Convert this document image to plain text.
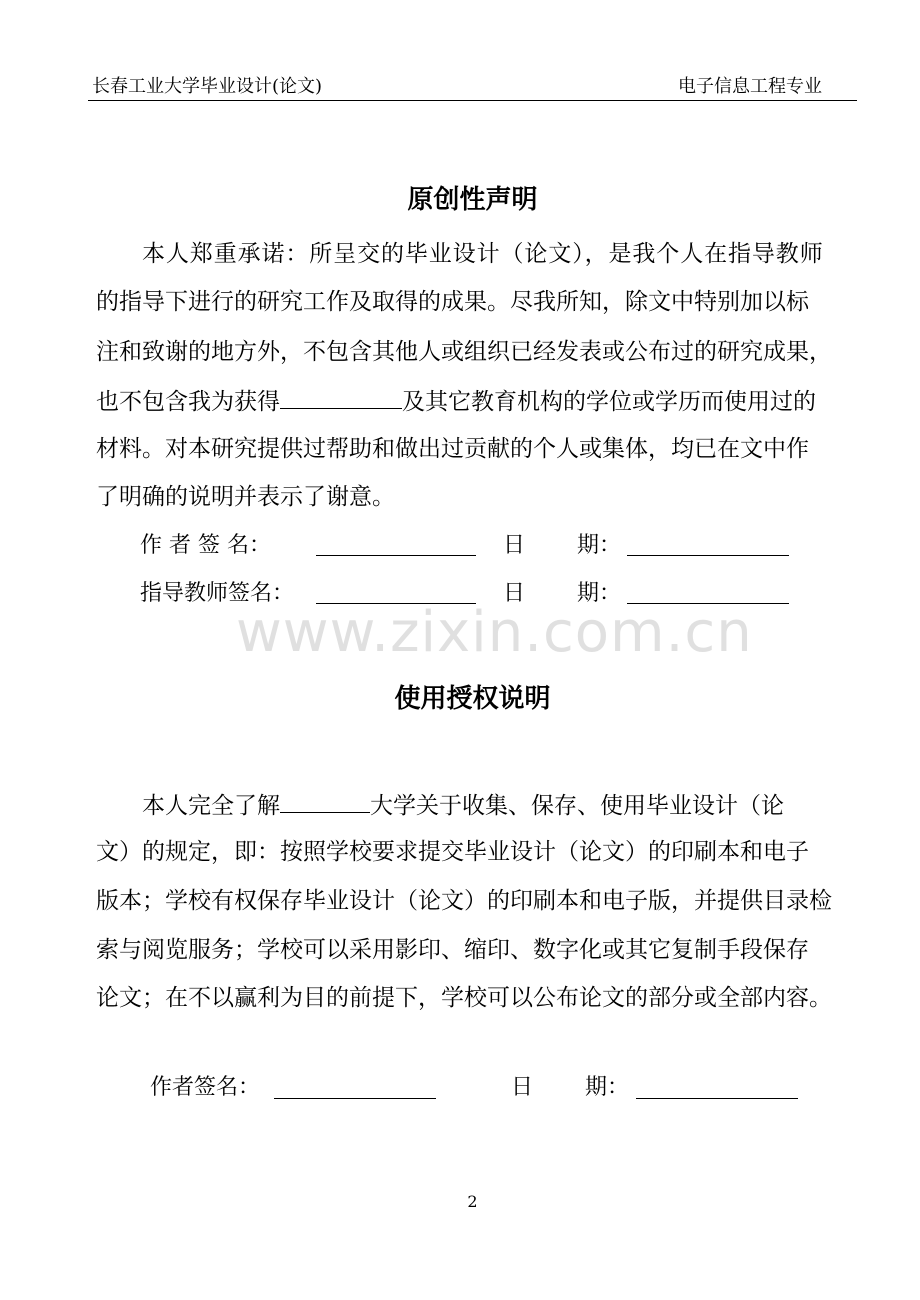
长春工业大学毕业设计(论文)	电子信息工程专业
原创性声明
本人郑重承诺：所呈交的毕业设计（论文），是我个人在指导教师
的指导下进行的研究工作及取得的成果。尽我所知，除文中特别加以标
注和致谢的地方外，不包含其他人或组织已经发表或公布过的研究成果，
也不包含我为获得	及其它教育机构的学位或学历而使用过的
材料。对本研究提供过帮助和做出过贡献的个人或集体，均已在文中作
了明确的说明并表示了谢意。
作 者 签 名：	日 期：
指导教师签名：	日 期：
www.zixin.com.cn
使用授权说明
本人完全了解	大学关于收集、保存、使用毕业设计（论
文）的规定，即：按照学校要求提交毕业设计（论文）的印刷本和电子
版本；学校有权保存毕业设计（论文）的印刷本和电子版，并提供目录检
索与阅览服务；学校可以采用影印、缩印、数字化或其它复制手段保存
论文；在不以赢利为目的前提下，学校可以公布论文的部分或全部内容。
作者签名：	日 期：
2
